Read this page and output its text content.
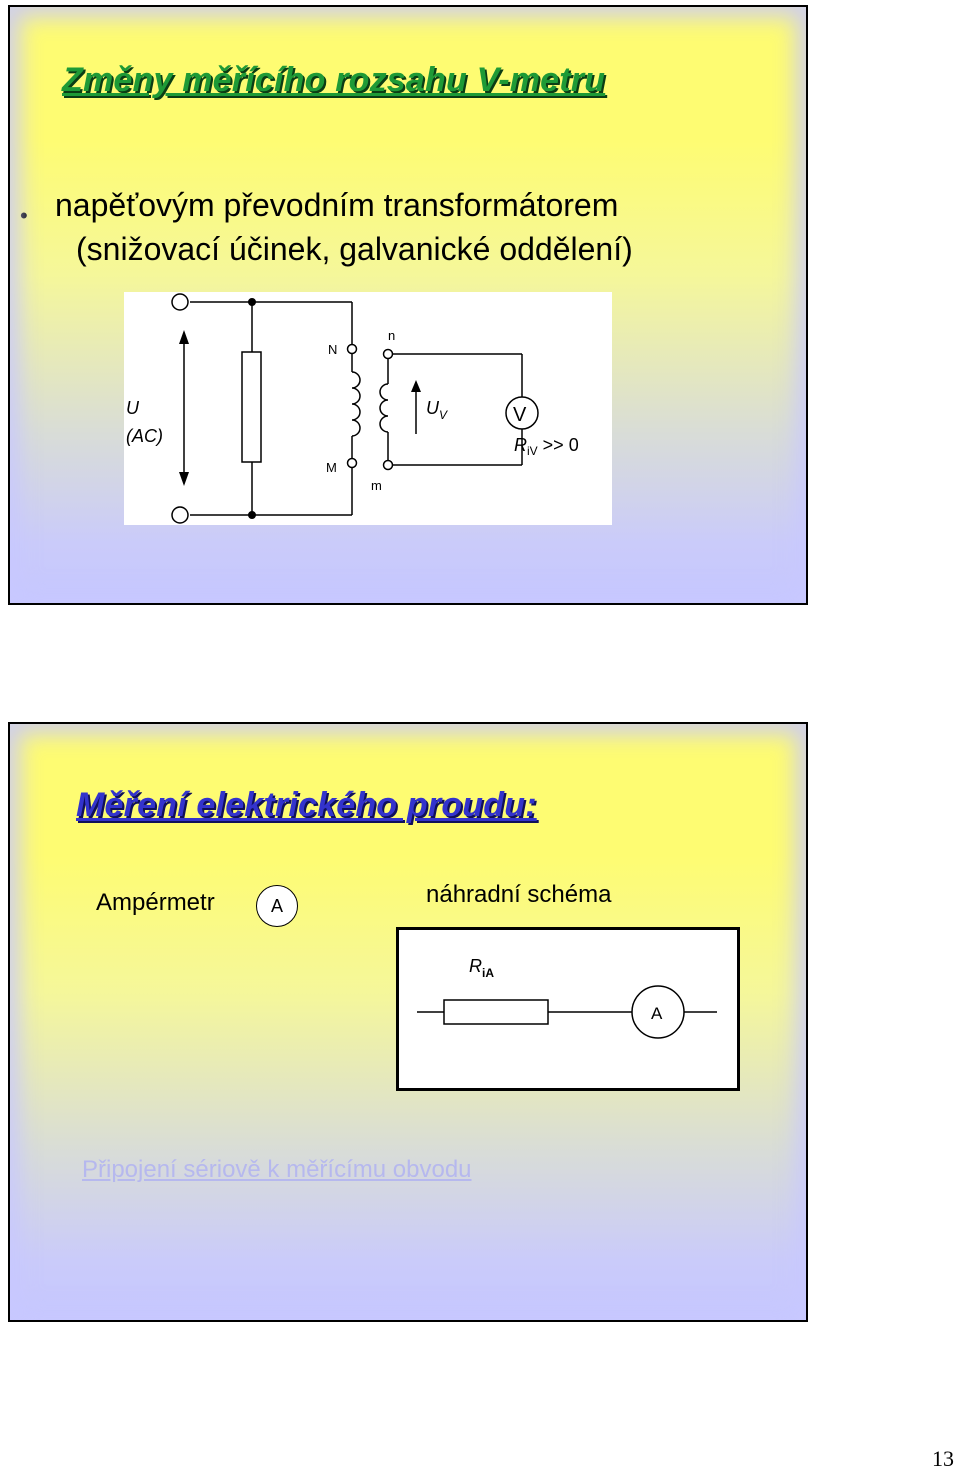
Změny měřícího rozsahu V-metru
• napěťovým převodním transformátorem

(snižovací účinek, galvanické oddělení)

U
(AC)
N
n
M
m
$U_V$	V
$R_{iV} >> 0$
Měření elektrického proudu:
Ampérmetr	A	náhradní schéma
$R_{iA}$
A
Připojení sériově k měřícímu obvodu
13
